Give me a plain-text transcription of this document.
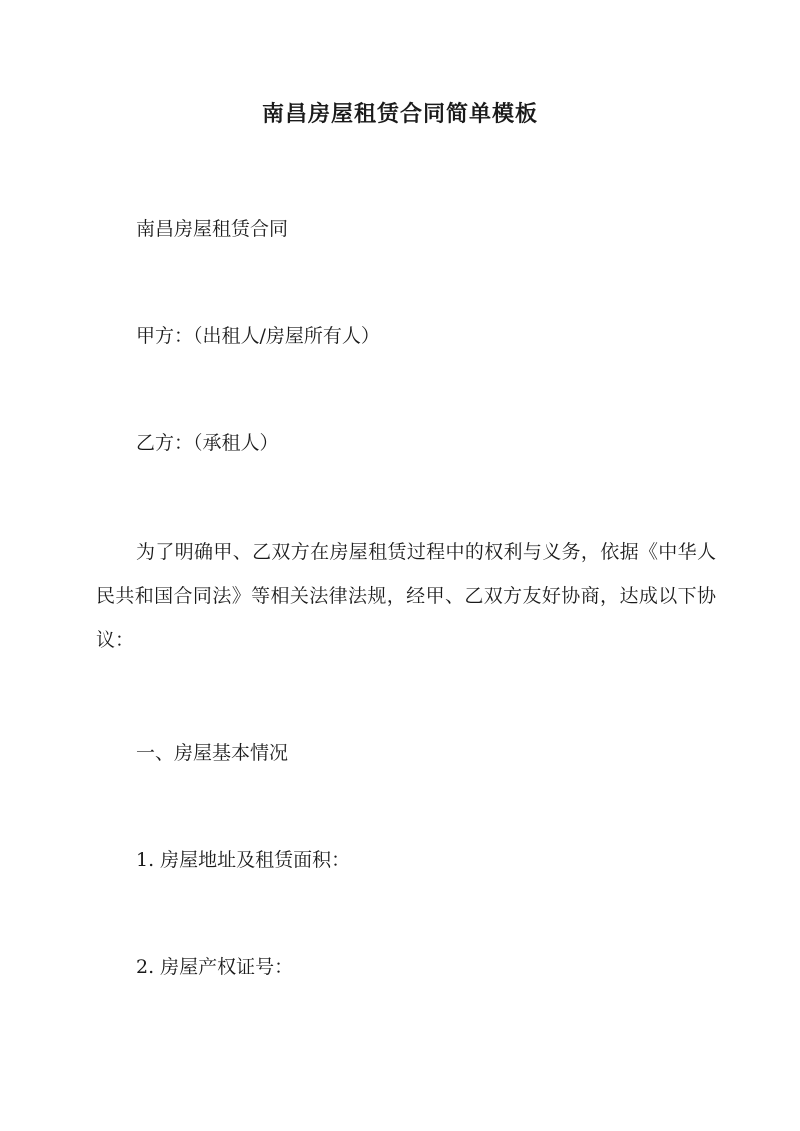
南昌房屋租赁合同简单模板
南昌房屋租赁合同
甲方：（出租人/房屋所有人）
乙方：（承租人）
为了明确甲、乙双方在房屋租赁过程中的权利与义务，依据《中华人民共和国合同法》等相关法律法规，经甲、乙双方友好协商，达成以下协议：
一、房屋基本情况
1. 房屋地址及租赁面积：
2. 房屋产权证号：
